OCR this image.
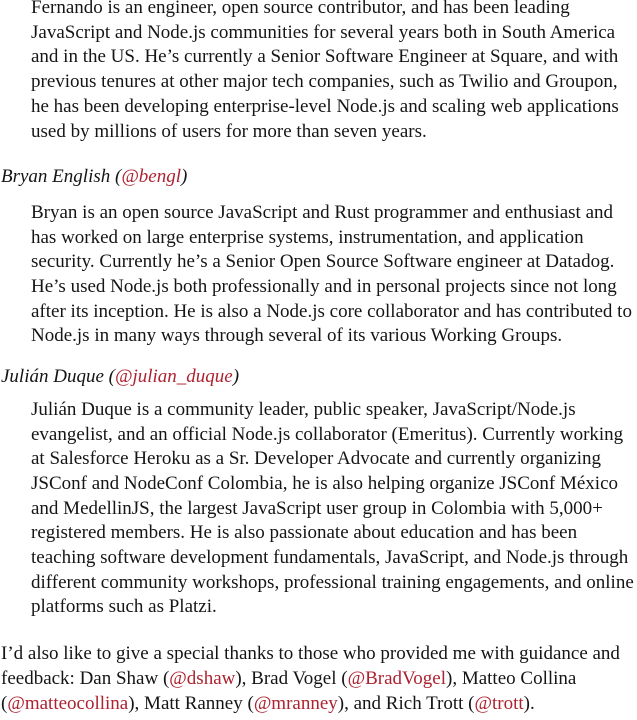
Fernando is an engineer, open source contributor, and has been leading JavaScript and Node.js communities for several years both in South America and in the US. He’s currently a Senior Software Engineer at Square, and with previous tenures at other major tech companies, such as Twilio and Groupon, he has been developing enterprise-level Node.js and scaling web applications used by millions of users for more than seven years.

Bryan English (@bengl)

Bryan is an open source JavaScript and Rust programmer and enthusiast and has worked on large enterprise systems, instrumentation, and application security. Currently he’s a Senior Open Source Software engineer at Datadog. He’s used Node.js both professionally and in personal projects since not long after its inception. He is also a Node.js core collaborator and has contributed to Node.js in many ways through several of its various Working Groups.

Julián Duque (@julian_duque)

Julián Duque is a community leader, public speaker, JavaScript/Node.js evangelist, and an official Node.js collaborator (Emeritus). Currently working at Salesforce Heroku as a Sr. Developer Advocate and currently organizing JSConf and NodeConf Colombia, he is also helping organize JSConf México and MedellinJS, the largest JavaScript user group in Colombia with 5,000+ registered members. He is also passionate about education and has been teaching software development fundamentals, JavaScript, and Node.js through different community workshops, professional training engagements, and online platforms such as Platzi.

I’d also like to give a special thanks to those who provided me with guidance and feedback: Dan Shaw (@dshaw), Brad Vogel (@BradVogel), Matteo Collina (@matteocollina), Matt Ranney (@mranney), and Rich Trott (@trott).
